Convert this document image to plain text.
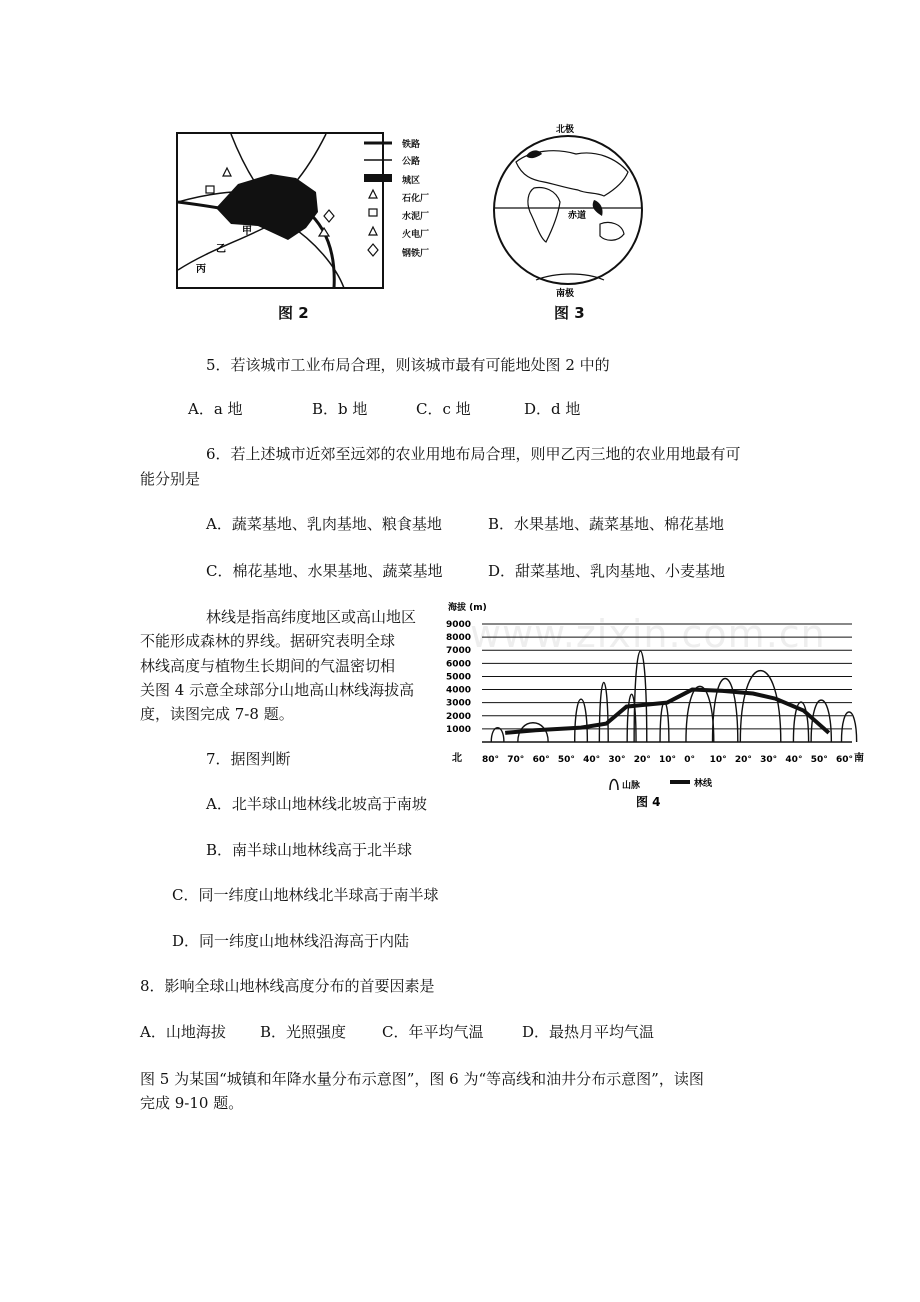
甲
乙
丙
铁路
公路
城区
石化厂
水泥厂
火电厂
钢铁厂
图 2
北极
南极
赤道
图 3
5．若该城市工业布局合理，则该城市最有可能地处图 2 中的
A．a 地	B．b 地	C．c 地	D．d 地
6．若上述城市近郊至远郊的农业用地布局合理，则甲乙丙三地的农业用地最有可
能分别是
A．蔬菜基地、乳肉基地、粮食基地	B．水果基地、蔬菜基地、棉花基地
C．棉花基地、水果基地、蔬菜基地	D．甜菜基地、乳肉基地、小麦基地
林线是指高纬度地区或高山地区
不能形成森林的界线。据研究表明全球
林线高度与植物生长期间的气温密切相
关图 4 示意全球部分山地高山林线海拔高
度，读图完成 7-8 题。
www.zixin.com.cn
海拔 (m)
1000
2000
3000
4000
5000
6000
7000
8000
9000
80° 70° 60° 50° 40° 30° 20° 10° 0° 10° 20° 30° 40° 50° 60°
北	南
山脉	林线
图 4
7．据图判断
A．北半球山地林线北坡高于南坡
B．南半球山地林线高于北半球
C．同一纬度山地林线北半球高于南半球
D．同一纬度山地林线沿海高于内陆
8．影响全球山地林线高度分布的首要因素是
A．山地海拔 B．光照强度 C．年平均气温	D．最热月平均气温
图 5 为某国“城镇和年降水量分布示意图”，图 6 为“等高线和油井分布示意图”，读图
完成 9-10 题。
